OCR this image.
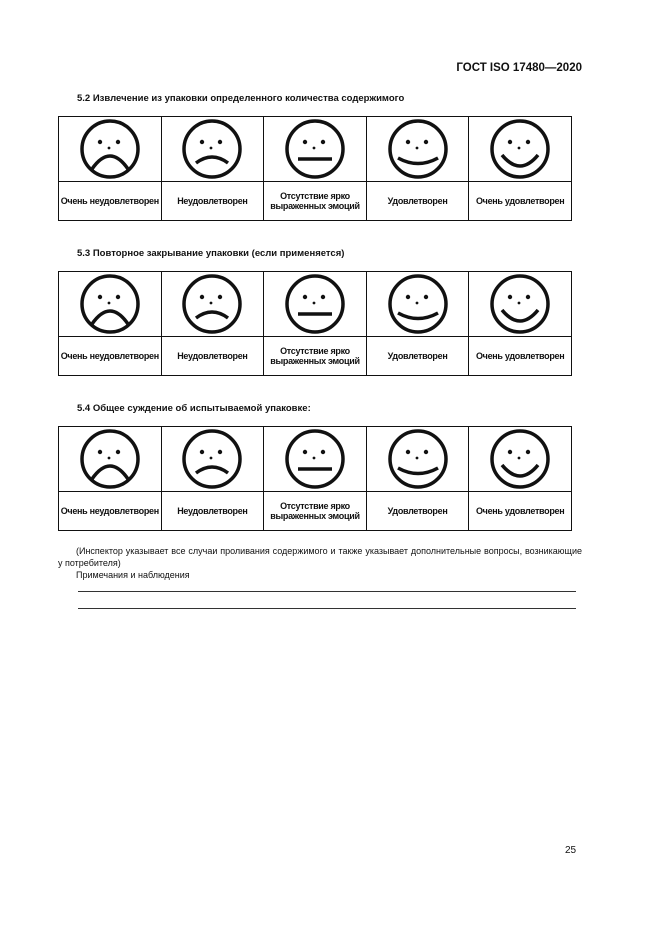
ГОСТ ISO 17480—2020
5.2 Извлечение из упаковки определенного количества содержимого

Очень неудовлетворен	Неудовлетворен	Отсутствие ярко выраженных эмоций	Удовлетворен	Очень удовлетворен
5.3 Повторное закрывание упаковки (если применяется)

Очень неудовлетворен	Неудовлетворен	Отсутствие ярко выраженных эмоций	Удовлетворен	Очень удовлетворен
5.4 Общее суждение об испытываемой упаковке:

Очень неудовлетворен	Неудовлетворен	Отсутствие ярко выраженных эмоций	Удовлетворен	Очень удовлетворен
(Инспектор указывает все случаи проливания содержимого и также указывает дополнительные вопросы, возникающие у потребителя)
Примечания и наблюдения
25
